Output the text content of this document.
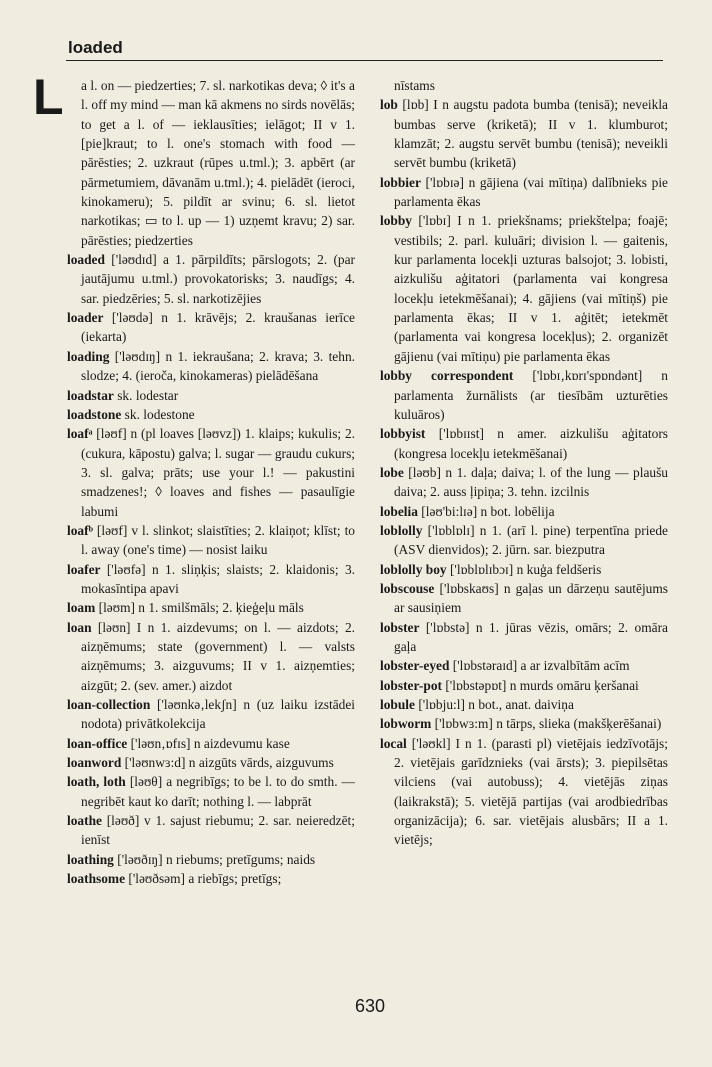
loaded
L	a l. on — piedzerties; 7. sl. narkotikas deva; ◊ it's a l. off my mind — man kā akmens no sirds novēlās; to get a l. of — ieklausīties; ielāgot; II v 1. [pie]kraut; to l. one's stomach with food — pārēsties; 2. uzkraut (rūpes u.tml.); 3. apbērt (ar pārmetumiem, dāvanām u.tml.); 4. pielādēt (ieroci, kinokameru); 5. pildīt ar svinu; 6. sl. lietot narkotikas; ▭ to l. up — 1) uzņemt kravu; 2) sar. pārēsties; piedzerties

loaded ['ləʊdɪd] a 1. pārpildīts; pārslogots; 2. (par jautājumu u.tml.) provokatorisks; 3. naudīgs; 4. sar. piedzēries; 5. sl. narkotizējies

loader ['ləʊdə] n 1. krāvējs; 2. kraušanas ierīce (iekarta)

loading ['ləʊdɪŋ] n 1. iekraušana; 2. krava; 3. tehn. slodze; 4. (ieroča, kinokameras) pielādēšana

loadstar sk. lodestar

loadstone sk. lodestone

loafᵃ [ləʊf] n (pl loaves [ləʊvz]) 1. klaips; kukulis; 2. (cukura, kāpostu) galva; l. sugar — graudu cukurs; 3. sl. galva; prāts; use your l.! — pakustini smadzenes!; ◊ loaves and fishes — pasaulīgie labumi

loafᵇ [ləʊf] v l. slinkot; slaistīties; 2. klaiņot; klīst; to l. away (one's time) — nosist laiku

loafer ['ləʊfə] n 1. sliņķis; slaists; 2. klaidonis; 3. mokasīntipa apavi

loam [ləʊm] n 1. smilšmāls; 2. ķieģeļu māls

loan [ləʊn] I n 1. aizdevums; on l. — aizdots; 2. aizņēmums; state (government) l. — valsts aizņēmums; 3. aizguvums; II v 1. aizņemties; aizgūt; 2. (sev. amer.) aizdot

loan-collection ['ləʊnkə‚lekʃn] n (uz laiku izstādei nodota) privātkolekcija

loan-office ['ləʊn‚ɒfɪs] n aizdevumu kase

loanword ['ləʊnwɜ:d] n aizgūts vārds, aizguvums

loath, loth [ləʊθ] a negribīgs; to be l. to do smth. — negribēt kaut ko darīt; nothing l. — labprāt

loathe [ləʊð] v 1. sajust riebumu; 2. sar. neieredzēt; ienīst

loathing ['ləʊðɪŋ] n riebums; pretīgums; naids

loathsome ['ləʊðsəm] a riebīgs; pretīgs;

nīstams

lob [lɒb] I n augstu padota bumba (tenisā); neveikla bumbas serve (kriketā); II v 1. klumburot; klamzāt; 2. augstu servēt bumbu (tenisā); neveikli servēt bumbu (kriketā)

lobbier ['lɒbɪə] n gājiena (vai mītiņa) dalībnieks pie parlamenta ēkas

lobby ['lɒbɪ] I n 1. priekšnams; priekštelpa; foajē; vestibils; 2. parl. kuluāri; division l. — gaitenis, kur parlamenta locekļi uzturas balsojot; 3. lobisti, aizkulišu aģitatori (parlamenta vai kongresa locekļu ietekmēšanai); 4. gājiens (vai mītiņš) pie parlamenta ēkas; II v 1. aģitēt; ietekmēt (parlamenta vai kongresa locekļus); 2. organizēt gājienu (vai mītiņu) pie parlamenta ēkas

lobby correspondent ['lɒbɪ‚kɒrɪ'spɒndənt] n parlamenta žurnālists (ar tiesībām uzturēties kuluāros)

lobbyist ['lɒbɪɪst] n amer. aizkulišu aģitators (kongresa locekļu ietekmēšanai)

lobe [ləʊb] n 1. daļa; daiva; l. of the lung — plaušu daiva; 2. auss ļipiņa; 3. tehn. izcilnis

lobelia [ləʊ'bi:lɪə] n bot. lobēlija

loblolly ['lɒblɒlɪ] n 1. (arī l. pine) terpentīna priede (ASV dienvidos); 2. jūrn. sar. biezputra

loblolly boy ['lɒblɒlɪbɔɪ] n kuģa feldšeris

lobscouse ['lɒbskaʊs] n gaļas un dārzeņu sautējums ar sausiņiem

lobster ['lɒbstə] n 1. jūras vēzis, omārs; 2. omāra gaļa

lobster-eyed ['lɒbstəraɪd] a ar izvalbītām acīm

lobster-pot ['lɒbstəpɒt] n murds omāru ķeršanai

lobule ['lɒbju:l] n bot., anat. daiviņa

lobworm ['lɒbwɜ:m] n tārps, slieka (makšķerēšanai)

local ['ləʊkl] I n 1. (parasti pl) vietējais iedzīvotājs; 2. vietējais garīdznieks (vai ārsts); 3. piepilsētas vilciens (vai autobuss); 4. vietējās ziņas (laikrakstā); 5. vietējā partijas (vai arodbiedrības organizācija); 6. sar. vietējais alusbārs; II a 1. vietējs;

630
